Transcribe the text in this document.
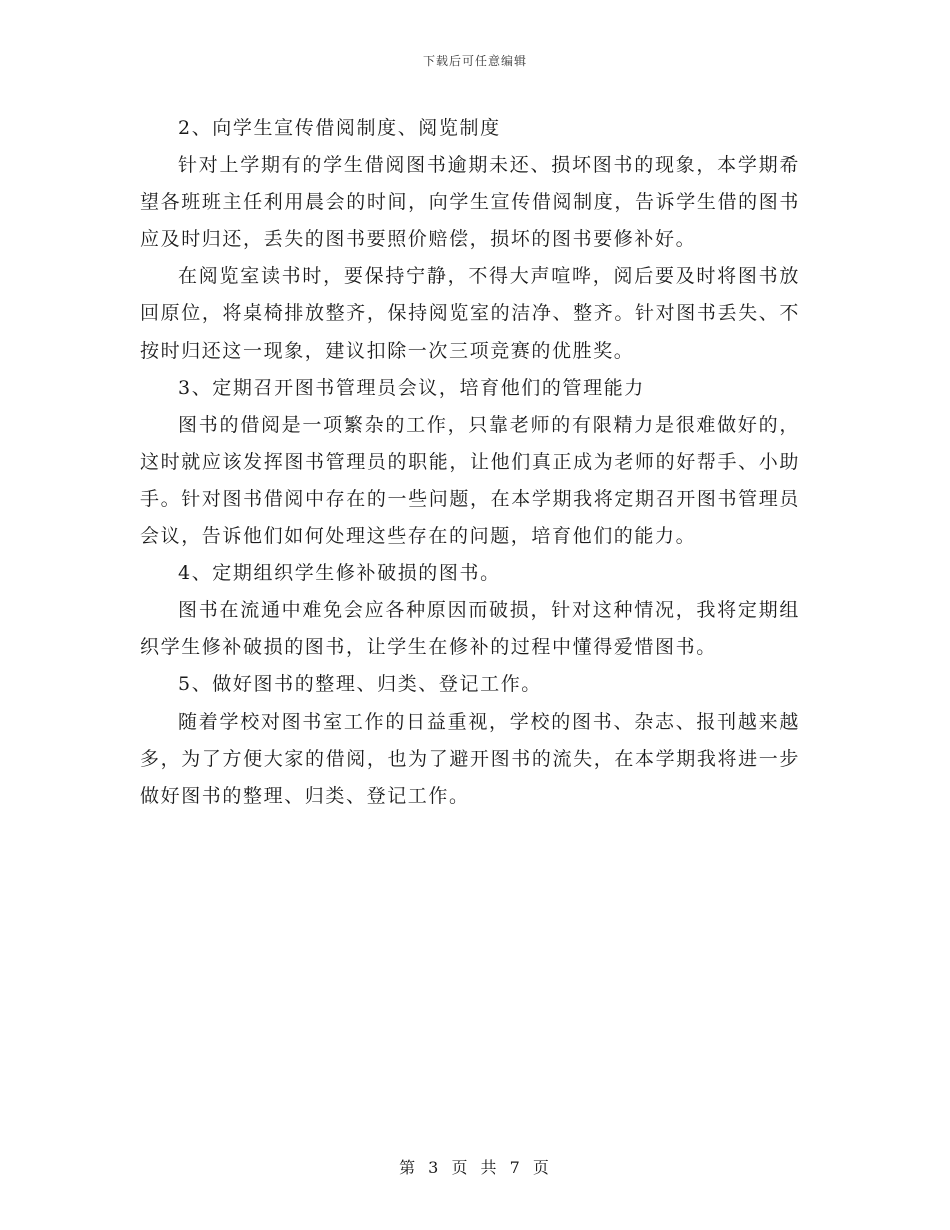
下载后可任意编辑

2、向学生宣传借阅制度、阅览制度

针对上学期有的学生借阅图书逾期未还、损坏图书的现象，本学期希望各班班主任利用晨会的时间，向学生宣传借阅制度，告诉学生借的图书应及时归还，丢失的图书要照价赔偿，损坏的图书要修补好。

在阅览室读书时，要保持宁静，不得大声喧哗，阅后要及时将图书放回原位，将桌椅排放整齐，保持阅览室的洁净、整齐。针对图书丢失、不按时归还这一现象，建议扣除一次三项竞赛的优胜奖。

3、定期召开图书管理员会议，培育他们的管理能力

图书的借阅是一项繁杂的工作，只靠老师的有限精力是很难做好的，这时就应该发挥图书管理员的职能，让他们真正成为老师的好帮手、小助手。针对图书借阅中存在的一些问题，在本学期我将定期召开图书管理员会议，告诉他们如何处理这些存在的问题，培育他们的能力。

4、定期组织学生修补破损的图书。

图书在流通中难免会应各种原因而破损，针对这种情况，我将定期组织学生修补破损的图书，让学生在修补的过程中懂得爱惜图书。

5、做好图书的整理、归类、登记工作。

随着学校对图书室工作的日益重视，学校的图书、杂志、报刊越来越多，为了方便大家的借阅，也为了避开图书的流失，在本学期我将进一步做好图书的整理、归类、登记工作。

第 3 页 共 7 页
